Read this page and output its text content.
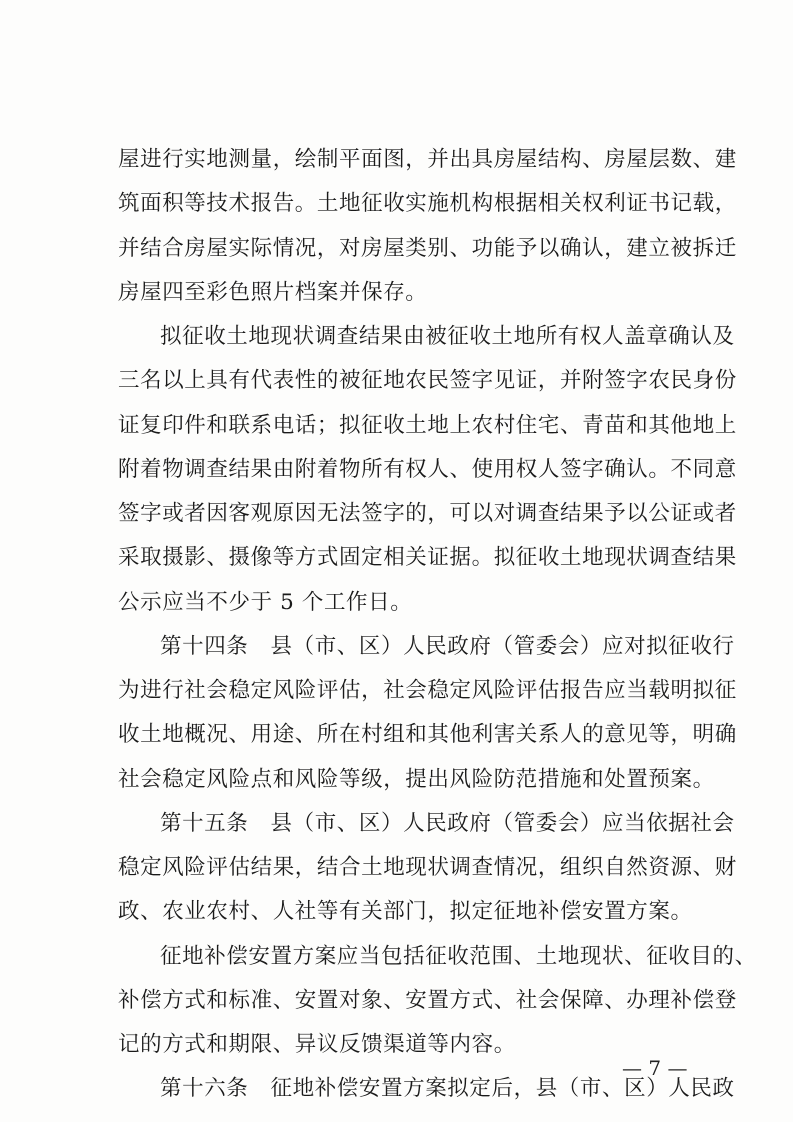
屋进行实地测量，绘制平面图，并出具房屋结构、房屋层数、建
筑面积等技术报告。土地征收实施机构根据相关权利证书记载，
并结合房屋实际情况，对房屋类别、功能予以确认，建立被拆迁
房屋四至彩色照片档案并保存。
拟征收土地现状调查结果由被征收土地所有权人盖章确认及
三名以上具有代表性的被征地农民签字见证，并附签字农民身份
证复印件和联系电话；拟征收土地上农村住宅、青苗和其他地上
附着物调查结果由附着物所有权人、使用权人签字确认。不同意
签字或者因客观原因无法签字的，可以对调查结果予以公证或者
采取摄影、摄像等方式固定相关证据。拟征收土地现状调查结果
公示应当不少于 5 个工作日。
第十四条　县（市、区）人民政府（管委会）应对拟征收行
为进行社会稳定风险评估，社会稳定风险评估报告应当载明拟征
收土地概况、用途、所在村组和其他利害关系人的意见等，明确
社会稳定风险点和风险等级，提出风险防范措施和处置预案。
第十五条　县（市、区）人民政府（管委会）应当依据社会
稳定风险评估结果，结合土地现状调查情况，组织自然资源、财
政、农业农村、人社等有关部门，拟定征地补偿安置方案。
征地补偿安置方案应当包括征收范围、土地现状、征收目的、
补偿方式和标准、安置对象、安置方式、社会保障、办理补偿登
记的方式和期限、异议反馈渠道等内容。
第十六条　征地补偿安置方案拟定后，县（市、区）人民政
— 7 —
